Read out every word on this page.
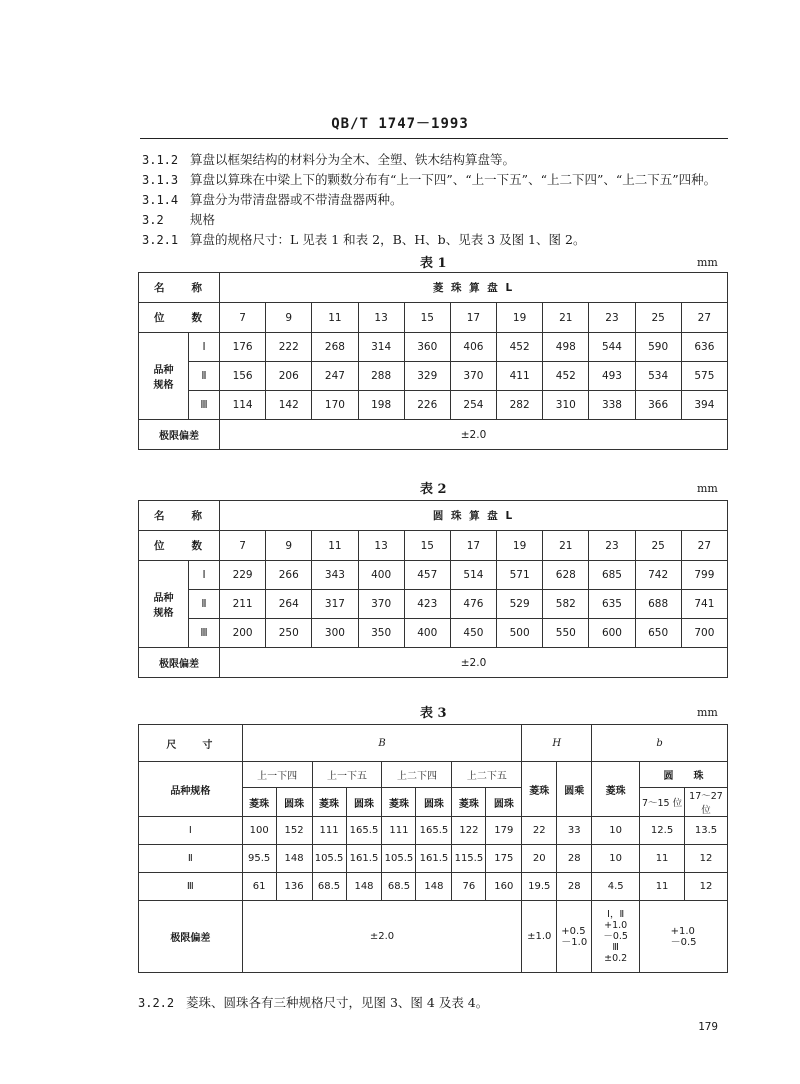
QB/T 1747－1993
3.1.2 算盘以框架结构的材料分为全木、全塑、铁木结构算盘等。
3.1.3 算盘以算珠在中梁上下的颗数分布有“上一下四”、“上一下五”、“上二下四”、“上二下五”四种。
3.1.4 算盘分为带清盘器或不带清盘器两种。
3.2 规格
3.2.1 算盘的规格尺寸：L 见表 1 和表 2，B、H、b、见表 3 及图 1、图 2。
表 1	mm
名　　称		菱 珠 算 盘 L										
位　　数		7	9	11	13	15	17	19	21	23	25	27
品种
规格	Ⅰ	176	222	268	314	360	406	452	498	544	590	636
	Ⅱ	156	206	247	288	329	370	411	452	493	534	575
	Ⅲ	114	142	170	198	226	254	282	310	338	366	394
极限偏差		±2.0										
表 2	mm
名　　称		圆 珠 算 盘 L										
位　　数		7	9	11	13	15	17	19	21	23	25	27
品种
规格	Ⅰ	229	266	343	400	457	514	571	628	685	742	799
	Ⅱ	211	264	317	370	423	476	529	582	635	688	741
	Ⅲ	200	250	300	350	400	450	500	550	600	650	700
极限偏差		±2.0										
表 3	mm
尺　　寸	B								H		b		
品种规格	上一下四		上一下五		上二下四		上二下五		菱珠	圆乘	菱珠	圆　　珠	
	菱珠	圆珠	菱珠	圆珠	菱珠	圆珠	菱珠	圆珠				7～15 位	17～27 位
Ⅰ	100	152	111	165.5	111	165.5	122	179	22	33	10	12.5	13.5
Ⅱ	95.5	148	105.5	161.5	105.5	161.5	115.5	175	20	28	10	11	12
Ⅲ	61	136	68.5	148	68.5	148	76	160	19.5	28	4.5	11	12
极限偏差	±2.0								±1.0	+0.5
－1.0	Ⅰ，Ⅱ
+1.0
－0.5
Ⅲ
±0.2	+1.0
－0.5	
3.2.2 菱珠、圆珠各有三种规格尺寸，见图 3、图 4 及表 4。
179
